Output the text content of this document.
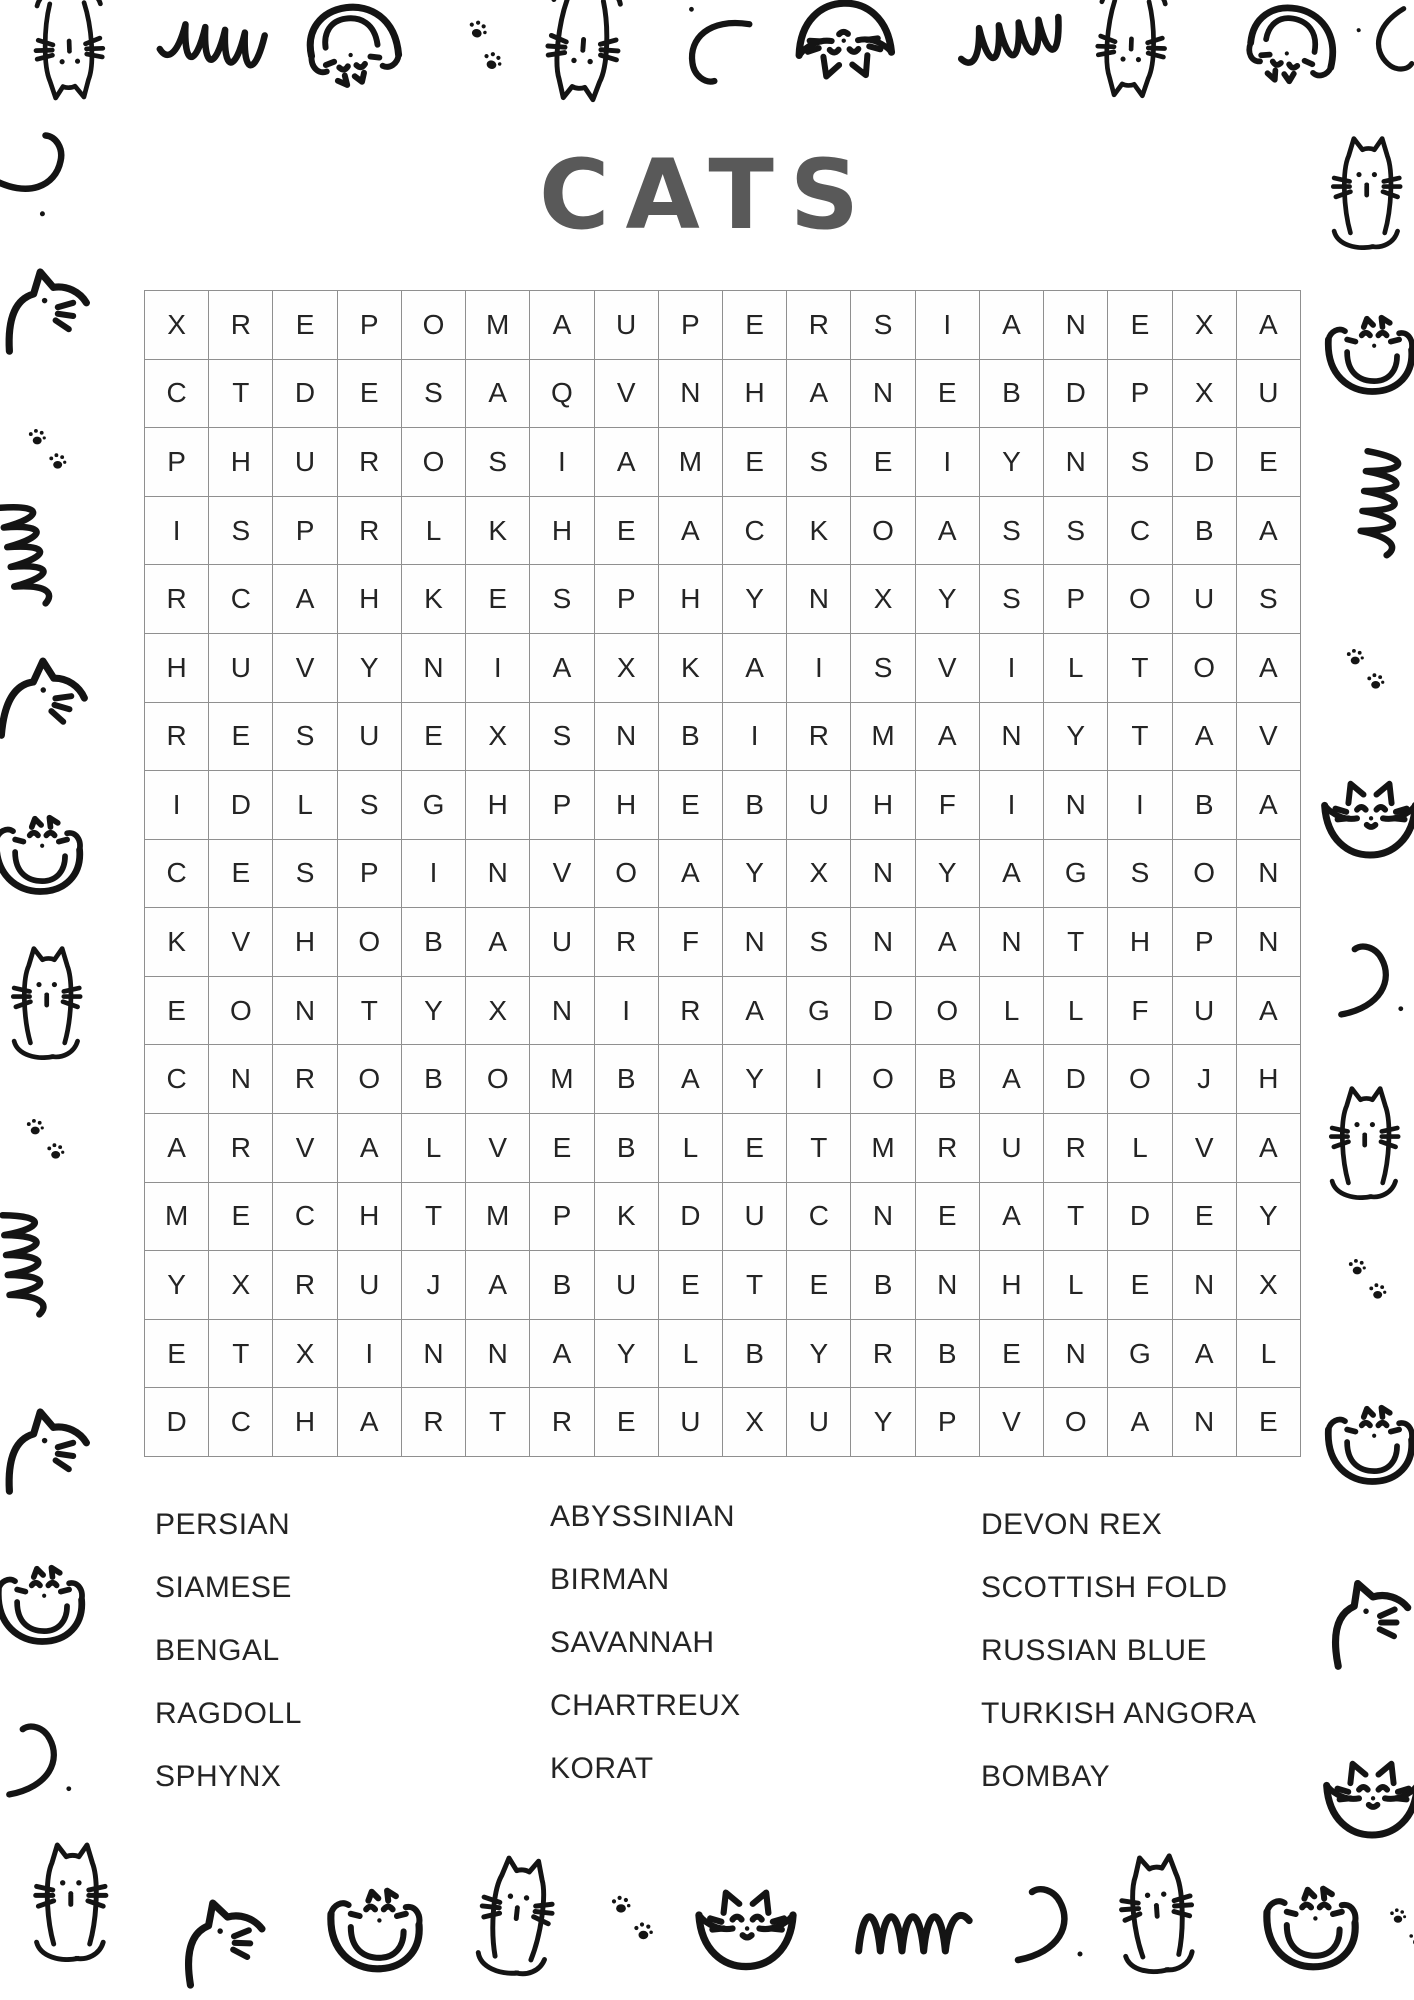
CATS
X	R	E	P	O	M	A	U	P	E	R	S	I	A	N	E	X	A
C	T	D	E	S	A	Q	V	N	H	A	N	E	B	D	P	X	U
P	H	U	R	O	S	I	A	M	E	S	E	I	Y	N	S	D	E
I	S	P	R	L	K	H	E	A	C	K	O	A	S	S	C	B	A
R	C	A	H	K	E	S	P	H	Y	N	X	Y	S	P	O	U	S
H	U	V	Y	N	I	A	X	K	A	I	S	V	I	L	T	O	A
R	E	S	U	E	X	S	N	B	I	R	M	A	N	Y	T	A	V
I	D	L	S	G	H	P	H	E	B	U	H	F	I	N	I	B	A
C	E	S	P	I	N	V	O	A	Y	X	N	Y	A	G	S	O	N
K	V	H	O	B	A	U	R	F	N	S	N	A	N	T	H	P	N
E	O	N	T	Y	X	N	I	R	A	G	D	O	L	L	F	U	A
C	N	R	O	B	O	M	B	A	Y	I	O	B	A	D	O	J	H
A	R	V	A	L	V	E	B	L	E	T	M	R	U	R	L	V	A
M	E	C	H	T	M	P	K	D	U	C	N	E	A	T	D	E	Y
Y	X	R	U	J	A	B	U	E	T	E	B	N	H	L	E	N	X
E	T	X	I	N	N	A	Y	L	B	Y	R	B	E	N	G	A	L
D	C	H	A	R	T	R	E	U	X	U	Y	P	V	O	A	N	E
PERSIAN
SIAMESE
BENGAL
RAGDOLL
SPHYNX
ABYSSINIAN
BIRMAN
SAVANNAH
CHARTREUX
KORAT
DEVON REX
SCOTTISH FOLD
RUSSIAN BLUE
TURKISH ANGORA
BOMBAY
